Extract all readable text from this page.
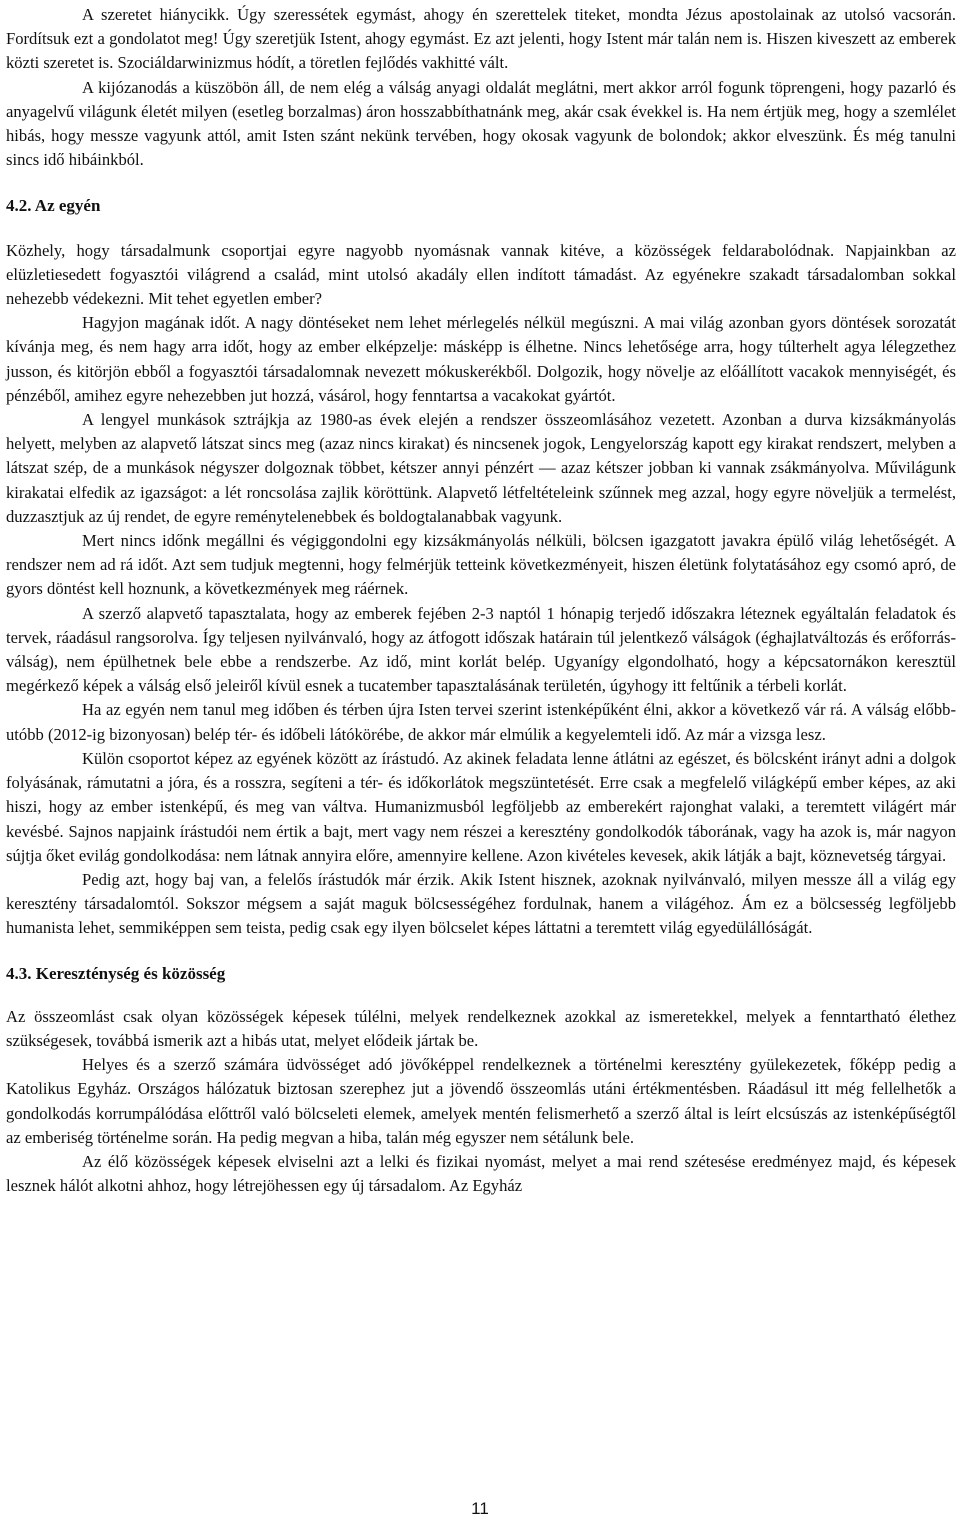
A szeretet hiánycikk. Úgy szeressétek egymást, ahogy én szerettelek titeket, mondta Jézus apostolainak az utolsó vacsorán. Fordítsuk ezt a gondolatot meg! Úgy szeretjük Istent, ahogy egymást. Ez azt jelenti, hogy Istent már talán nem is. Hiszen kiveszett az emberek közti szeretet is. Szociáldarwinizmus hódít, a töretlen fejlődés vakhitté vált.

A kijózanodás a küszöbön áll, de nem elég a válság anyagi oldalát meglátni, mert akkor arról fogunk töprengeni, hogy pazarló és anyagelvű világunk életét milyen (esetleg borzalmas) áron hosszabbíthatnánk meg, akár csak évekkel is. Ha nem értjük meg, hogy a szemlélet hibás, hogy messze vagyunk attól, amit Isten szánt nekünk tervében, hogy okosak vagyunk de bolondok; akkor elveszünk. És még tanulni sincs idő hibáinkból.

4.2. Az egyén

Közhely, hogy társadalmunk csoportjai egyre nagyobb nyomásnak vannak kitéve, a közösségek feldarabolódnak. Napjainkban az elüzletiesedett fogyasztói világrend a család, mint utolsó akadály ellen indított támadást. Az egyénekre szakadt társadalomban sokkal nehezebb védekezni. Mit tehet egyetlen ember?

Hagyjon magának időt. A nagy döntéseket nem lehet mérlegelés nélkül megúszni. A mai világ azonban gyors döntések sorozatát kívánja meg, és nem hagy arra időt, hogy az ember elképzelje: másképp is élhetne. Nincs lehetősége arra, hogy túlterhelt agya lélegzethez jusson, és kitörjön ebből a fogyasztói társadalomnak nevezett mókuskerékből. Dolgozik, hogy növelje az előállított vacakok mennyiségét, és pénzéből, amihez egyre nehezebben jut hozzá, vásárol, hogy fenntartsa a vacakokat gyártót.

A lengyel munkások sztrájkja az 1980-as évek elején a rendszer összeomlásához vezetett. Azonban a durva kizsákmányolás helyett, melyben az alapvető látszat sincs meg (azaz nincs kirakat) és nincsenek jogok, Lengyelország kapott egy kirakat rendszert, melyben a látszat szép, de a munkások négyszer dolgoznak többet, kétszer annyi pénzért ― azaz kétszer jobban ki vannak zsákmányolva. Művilágunk kirakatai elfedik az igazságot: a lét roncsolása zajlik köröttünk. Alapvető létfeltételeink szűnnek meg azzal, hogy egyre növeljük a termelést, duzzasztjuk az új rendet, de egyre reménytelenebbek és boldogtalanabbak vagyunk.

Mert nincs időnk megállni és végiggondolni egy kizsákmányolás nélküli, bölcsen igazgatott javakra épülő világ lehetőségét. A rendszer nem ad rá időt. Azt sem tudjuk megtenni, hogy felmérjük tetteink következményeit, hiszen életünk folytatásához egy csomó apró, de gyors döntést kell hoznunk, a következmények meg ráérnek.

A szerző alapvető tapasztalata, hogy az emberek fejében 2-3 naptól 1 hónapig terjedő időszakra léteznek egyáltalán feladatok és tervek, ráadásul rangsorolva. Így teljesen nyilvánvaló, hogy az átfogott időszak határain túl jelentkező válságok (éghajlatváltozás és erőforrás-válság), nem épülhetnek bele ebbe a rendszerbe. Az idő, mint korlát belép. Ugyanígy elgondolható, hogy a képcsatornákon keresztül megérkező képek a válság első jeleiről kívül esnek a tucatember tapasztalásának területén, úgyhogy itt feltűnik a térbeli korlát.

Ha az egyén nem tanul meg időben és térben újra Isten tervei szerint istenképűként élni, akkor a következő vár rá. A válság előbb-utóbb (2012-ig bizonyosan) belép tér- és időbeli látókörébe, de akkor már elmúlik a kegyelemteli idő. Az már a vizsga lesz.

Külön csoportot képez az egyének között az írástudó. Az akinek feladata lenne átlátni az egészet, és bölcsként irányt adni a dolgok folyásának, rámutatni a jóra, és a rosszra, segíteni a tér- és időkorlátok megszüntetését. Erre csak a megfelelő világképű ember képes, az aki hiszi, hogy az ember istenképű, és meg van váltva. Humanizmusból legföljebb az emberekért rajonghat valaki, a teremtett világért már kevésbé. Sajnos napjaink írástudói nem értik a bajt, mert vagy nem részei a keresztény gondolkodók táborának, vagy ha azok is, már nagyon sújtja őket evilág gondolkodása: nem látnak annyira előre, amennyire kellene. Azon kivételes kevesek, akik látják a bajt, köznevetség tárgyai.

Pedig azt, hogy baj van, a felelős írástudók már érzik. Akik Istent hisznek, azoknak nyilvánvaló, milyen messze áll a világ egy keresztény társadalomtól. Sokszor mégsem a saját maguk bölcsességéhez fordulnak, hanem a világéhoz. Ám ez a bölcsesség legföljebb humanista lehet, semmiképpen sem teista, pedig csak egy ilyen bölcselet képes láttatni a teremtett világ egyedülállóságát.

4.3. Kereszténység és közösség

Az összeomlást csak olyan közösségek képesek túlélni, melyek rendelkeznek azokkal az ismeretekkel, melyek a fenntartható élethez szükségesek, továbbá ismerik azt a hibás utat, melyet elődeik jártak be.

Helyes és a szerző számára üdvösséget adó jövőképpel rendelkeznek a történelmi keresztény gyülekezetek, főképp pedig a Katolikus Egyház. Országos hálózatuk biztosan szerephez jut a jövendő összeomlás utáni értékmentésben. Ráadásul itt még fellelhetők a gondolkodás korrumpálódása előttről való bölcseleti elemek, amelyek mentén felismerhető a szerző által is leírt elcsúszás az istenképűségtől az emberiség történelme során. Ha pedig megvan a hiba, talán még egyszer nem sétálunk bele.

Az élő közösségek képesek elviselni azt a lelki és fizikai nyomást, melyet a mai rend szétesése eredményez majd, és képesek lesznek hálót alkotni ahhoz, hogy létrejöhessen egy új társadalom. Az Egyház

11
